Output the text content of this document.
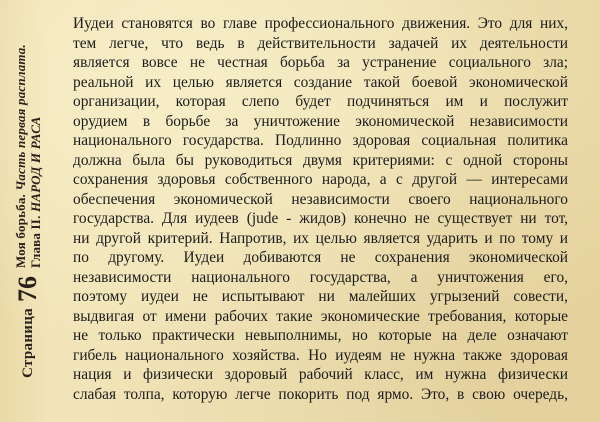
Страница
76
Моя борьба. Часть первая расплата.
Глава II. НАРОД И РАСА
Иудеи становятся во главе профессионального движения. Это для них,
тем легче, что ведь в действительности задачей их деятельности
является вовсе не честная борьба за устранение социального зла;
реальной их целью является создание такой боевой экономической
организации, которая слепо будет подчиняться им и послужит
орудием в борьбе за уничтожение экономической независимости
национального государства. Подлинно здоровая социальная политика
должна была бы руководиться двумя критериями: с одной стороны
сохранения здоровья собственного народа, а с другой — интересами
обеспечения экономической независимости своего национального
государства. Для иудеев (jude - жидов) конечно не существует ни тот,
ни другой критерий. Напротив, их целью является ударить и по тому и
по другому. Иудеи добиваются не сохранения экономической
независимости национального государства, а уничтожения его,
поэтому иудеи не испытывают ни малейших угрызений совести,
выдвигая от имени рабочих такие экономические требования, которые
не только практически невыполнимы, но которые на деле означают
гибель национального хозяйства. Но иудеям не нужна также здоровая
нация и физически здоровый рабочий класс, им нужна физически
слабая толпа, которую легче покорить под ярмо. Это, в свою очередь,
